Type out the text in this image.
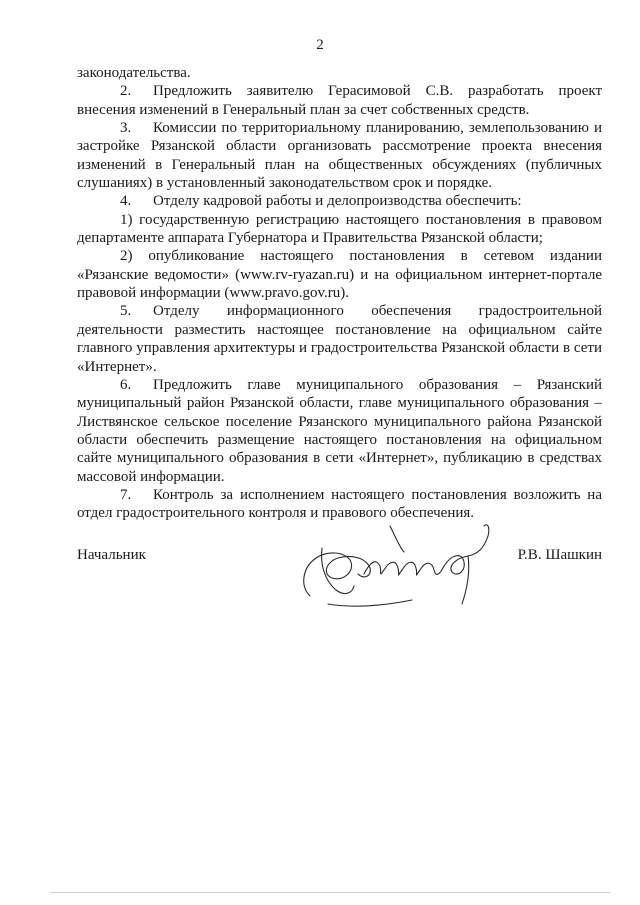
2

законодательства.

2. Предложить заявителю Герасимовой С.В. разработать проект внесения изменений в Генеральный план за счет собственных средств.

3. Комиссии по территориальному планированию, землепользованию и застройке Рязанской области организовать рассмотрение проекта внесения изменений в Генеральный план на общественных обсуждениях (публичных слушаниях) в установленный законодательством срок и порядке.

4. Отделу кадровой работы и делопроизводства обеспечить:

1) государственную регистрацию настоящего постановления в правовом департаменте аппарата Губернатора и Правительства Рязанской области;

2) опубликование настоящего постановления в сетевом издании «Рязанские ведомости» (www.rv-ryazan.ru) и на официальном интернет-портале правовой информации (www.pravo.gov.ru).

5. Отделу информационного обеспечения градостроительной деятельности разместить настоящее постановление на официальном сайте главного управления архитектуры и градостроительства Рязанской области в сети «Интернет».

6. Предложить главе муниципального образования – Рязанский муниципальный район Рязанской области, главе муниципального образования – Листвянское сельское поселение Рязанского муниципального района Рязанской области обеспечить размещение настоящего постановления на официальном сайте муниципального образования в сети «Интернет», публикацию в средствах массовой информации.

7. Контроль за исполнением настоящего постановления возложить на отдел градостроительного контроля и правового обеспечения.

Начальник	Р.В. Шашкин
